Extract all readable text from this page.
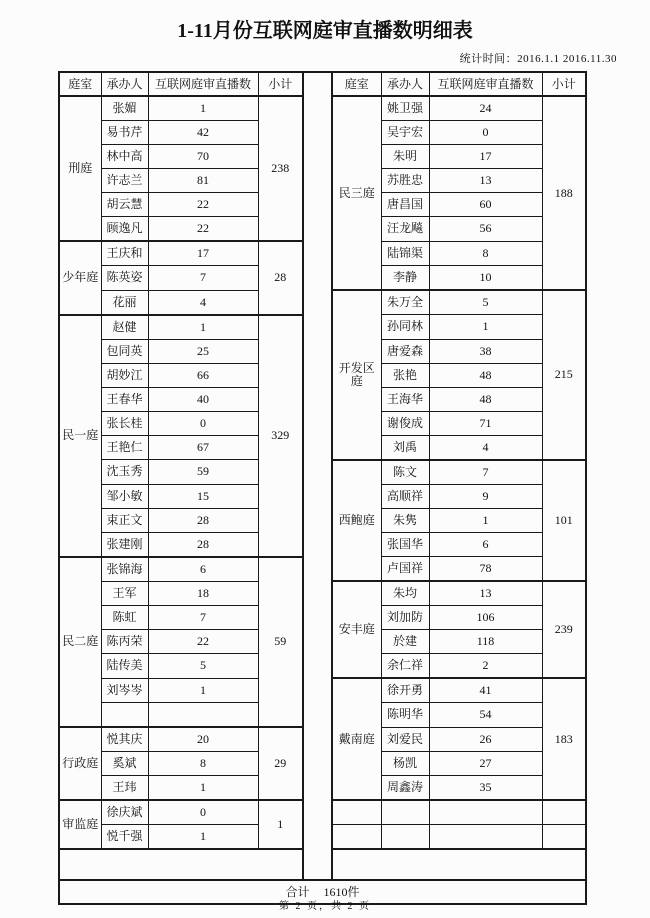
1-11月份互联网庭审直播数明细表
统计时间：2016.1.1 2016.11.30
庭室	承办人	互联网庭审直播数	小计		庭室	承办人	互联网庭审直播数	小计
刑庭	张媚	1	238		民三庭	姚卫强	24	188
	易书芹	42				吴宇宏	0	
	林中高	70				朱明	17	
	许志兰	81				苏胜忠	13	
	胡云慧	22				唐昌国	60	
	顾逸凡	22				汪龙飚	56	
少年庭	王庆和	17	28			陆锦渠	8	
	陈英姿	7				李静	10	
	花丽	4			开发区庭	朱万全	5	215
民一庭	赵健	1	329			孙同林	1	
	包同英	25				唐爱森	38	
	胡妙江	66				张艳	48	
	王春华	40				王海华	48	
	张长桂	0				谢俊成	71	
	王艳仁	67				刘禹	4	
	沈玉秀	59			西鲍庭	陈文	7	101
	邹小敏	15				高顺祥	9	
	束正文	28				朱隽	1	
	张建刚	28				张国华	6	
民二庭	张锦海	6	59			卢国祥	78	
	王军	18			安丰庭	朱均	13	239
	陈虹	7				刘加防	106	
	陈丙荣	22				於建	118	
	陆传美	5				余仁祥	2	
	刘岑岑	1			戴南庭	徐开勇	41	183
						陈明华	54	
行政庭	悦其庆	20	29			刘爱民	26	
	奚斌	8				杨凯	27	
	王玮	1				周鑫涛	35	
审监庭	徐庆斌	0	1					
	悦千强	1						

合计 1610件								
第 2 页，共 2 页
